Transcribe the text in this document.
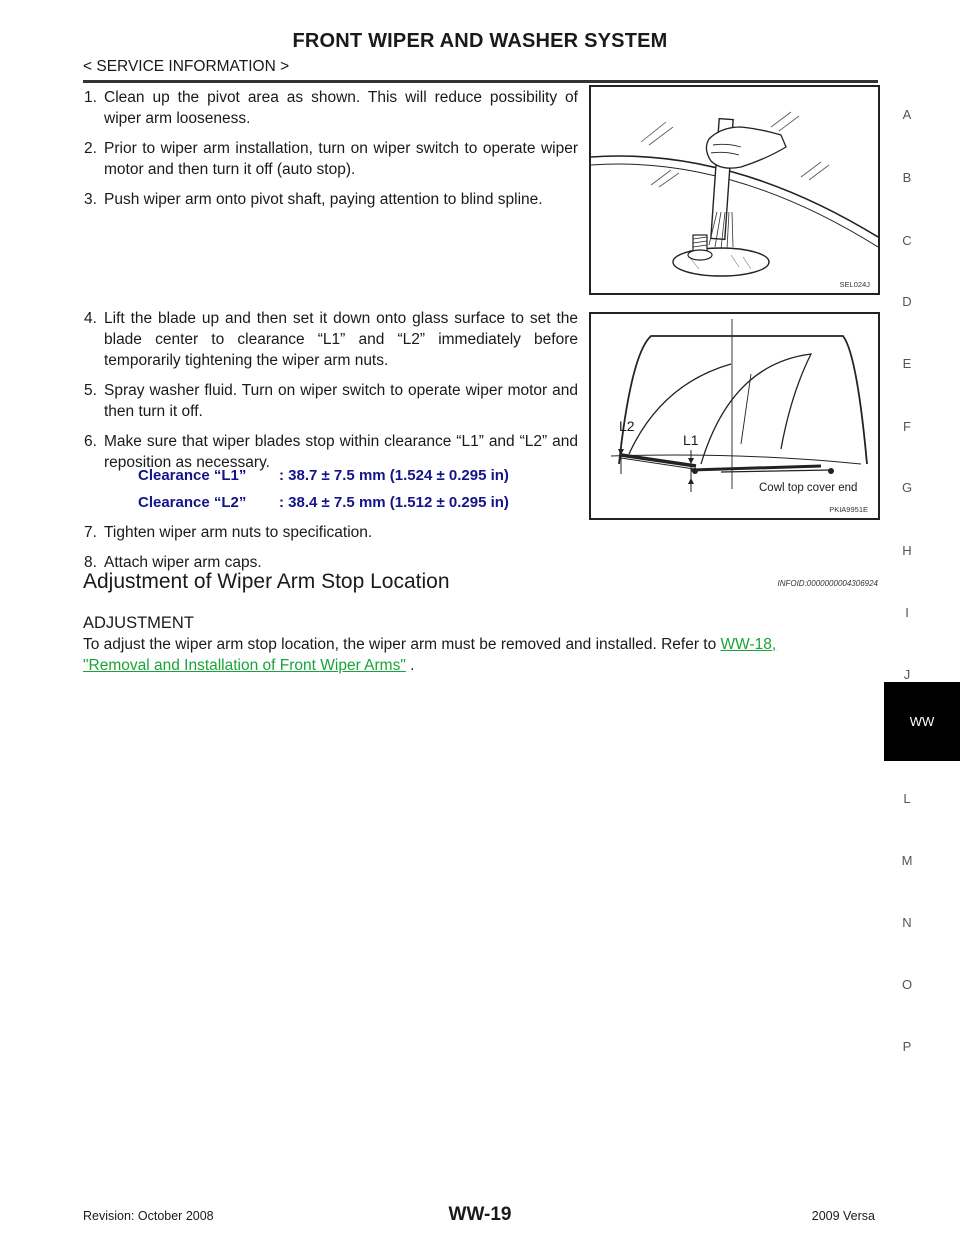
FRONT WIPER AND WASHER SYSTEM
< SERVICE INFORMATION >
1. Clean up the pivot area as shown. This will reduce possibility of wiper arm looseness.
2. Prior to wiper arm installation, turn on wiper switch to operate wiper motor and then turn it off (auto stop).
3. Push wiper arm onto pivot shaft, paying attention to blind spline.
SEL024J
4. Lift the blade up and then set it down onto glass surface to set the blade center to clearance “L1” and “L2” immediately before temporarily tightening the wiper arm nuts.
5. Spray washer fluid. Turn on wiper switch to operate wiper motor and then turn it off.
6. Make sure that wiper blades stop within clearance “L1” and “L2” and reposition as necessary.
Clearance “L1” : 38.7 ± 7.5 mm (1.524 ± 0.295 in)
Clearance “L2” : 38.4 ± 7.5 mm (1.512 ± 0.295 in)
L2
L1
Cowl top cover end
PKIA9951E
7. Tighten wiper arm nuts to specification.
8. Attach wiper arm caps.
Adjustment of Wiper Arm Stop Location	INFOID:0000000004306924
ADJUSTMENT
To adjust the wiper arm stop location, the wiper arm must be removed and installed. Refer to WW-18,
"Removal and Installation of Front Wiper Arms" .
A
B
C
D
E
F
G
H
I
J
WW
L
M
N
O
P
Revision: October 2008	WW-19	2009 Versa
